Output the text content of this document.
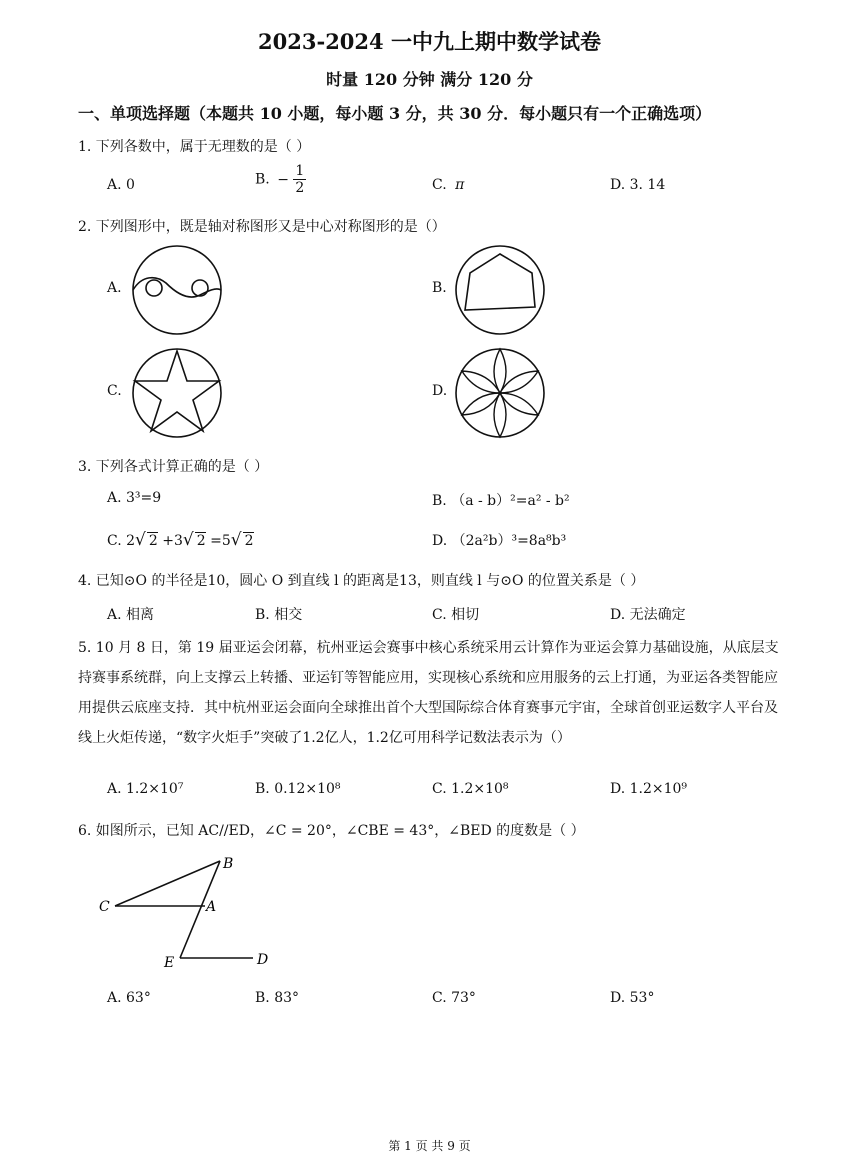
2023-2024 一中九上期中数学试卷
时量 120 分钟 满分 120 分
一、单项选择题（本题共 10 小题，每小题 3 分，共 30 分．每小题只有一个正确选项）
1. 下列各数中，属于无理数的是（ ）
A. 0	B. − $\frac{1}{2}$	C. π	D. 3. 14
2. 下列图形中，既是轴对称图形又是中心对称图形的是（）
A.	B.
C.	D.
3. 下列各式计算正确的是（ ）
A. 3³=9	B. （a - b）²=a² - b²
C. 2√ 2 +3√ 2 =5√ 2	D. （2a²b）³=8a⁸b³
4. 已知⊙O 的半径是10，圆心 O 到直线 l 的距离是13，则直线 l 与⊙O 的位置关系是（ ）
A. 相离	B. 相交	C. 相切	D. 无法确定
5. 10 月 8 日，第 19 届亚运会闭幕，杭州亚运会赛事中核心系统采用云计算作为亚运会算力基础设施，从底层支持赛事系统群，向上支撑云上转播、亚运钉等智能应用，实现核心系统和应用服务的云上打通，为亚运各类智能应用提供云底座支持．其中杭州亚运会面向全球推出首个大型国际综合体育赛事元宇宙，全球首创亚运数字人平台及线上火炬传递，“数字火炬手”突破了1.2亿人，1.2亿可用科学记数法表示为（）
A. 1.2×10⁷	B. 0.12×10⁸	C. 1.2×10⁸	D. 1.2×10⁹
6. 如图所示，已知 AC//ED，∠C = 20°，∠CBE = 43°，∠BED 的度数是（ ）
B
C	A
E	D
A. 63°	B. 83°	C. 73°	D. 53°
第 1 页 共 9 页
